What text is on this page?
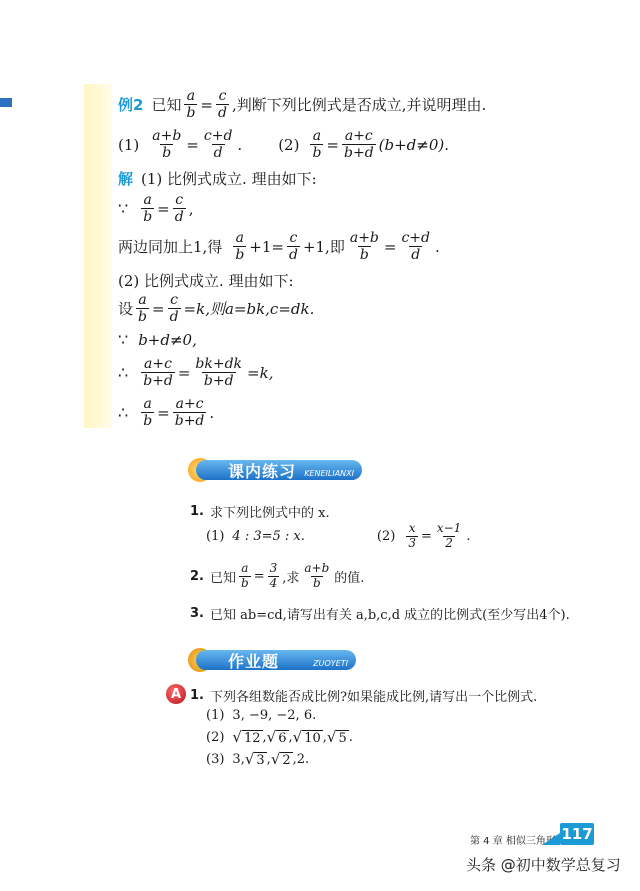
例2 已知 $\frac{a}{b} = \frac{c}{d}$ ,判断下列比例式是否成立,并说明理由.
$(1) \frac{a+b}{b} = \frac{c+d}{d}$ . $(2) \frac{a}{b} = \frac{a+c}{b+d} (b+d\ne 0)$.
解 (1) 比例式成立. 理由如下:
∵ $\frac{a}{b} = \frac{c}{d}$ ,
两边同加上1,得 $\frac{a}{b} +1= \frac{c}{d} +1$, 即 $\frac{a+b}{b} = \frac{c+d}{d}$ .
(2) 比例式成立. 理由如下:
设 $\frac{a}{b} = \frac{c}{d} =k$,则a=bk,c=dk.
∵ b+d≠0,
∴ $\frac{a+c}{b+d} = \frac{bk+dk}{b+d} =k$,
∴ $\frac{a}{b} = \frac{a+c}{b+d}$ .
课内练习 KENEILIANXI
1. 求下列比例式中的 x.
(1) 4 : 3=5 : x.	$(2) \frac{x}{3} = \frac{x-1}{2}$ .
2. 已知 $\frac{a}{b} = \frac{3}{4}$ ,求 $\frac{a+b}{b}$ 的值.
3. 已知 ab=cd,请写出有关 a,b,c,d 成立的比例式(至少写出4个).
作业题	ZUOYETI
A 1. 下列各组数能否成比例?如果能成比例,请写出一个比例式.
(1) 3, −9, −2, 6.
(2) √ 12 , √ 6 , √ 10 , √ 5 .
(3) 3, √ 3 , √ 2 ,2.
第 4 章 相似三角形 117
头条 @初中数学总复习
